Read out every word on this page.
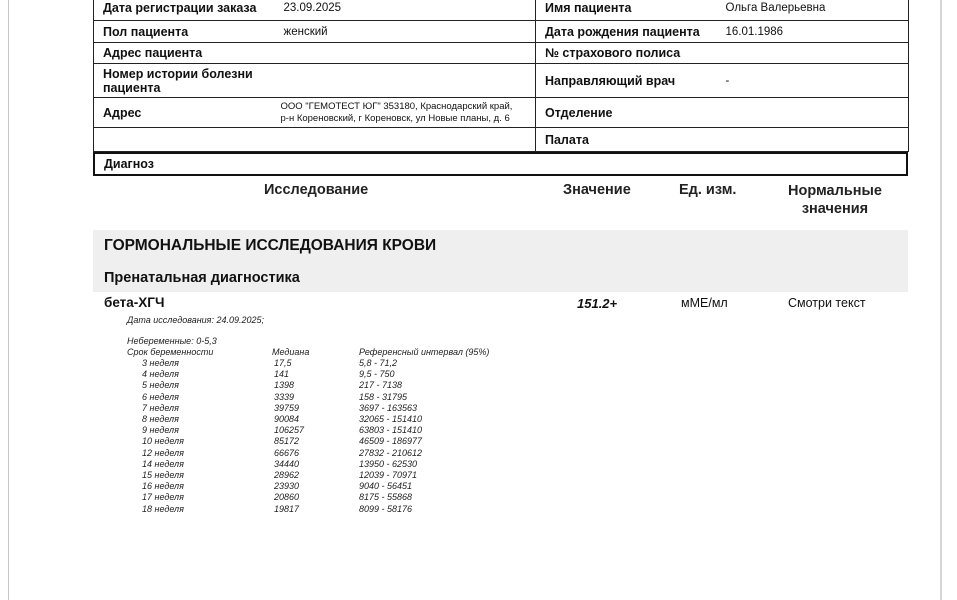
Дата регистрации заказа	23.09.2025	Имя пациента	Ольга Валерьевна
Пол пациента	женский	Дата рождения пациента	16.01.1986
Адрес пациента		№ страхового полиса	
Номер истории болезни пациента		Направляющий врач	-
Адрес	ООО "ГЕМОТЕСТ ЮГ" 353180, Краснодарский край,
р-н Кореновский, г Кореновск, ул Новые планы, д. 6	Отделение	
		Палата	
Диагноз
Исследование	Значение	Ед. изм.	Нормальные
значения
ГОРМОНАЛЬНЫЕ ИССЛЕДОВАНИЯ КРОВИ
Пренатальная диагностика
бета-ХГЧ	151.2+	мМЕ/мл	Смотри текст
Дата исследования: 24.09.2025;
Небеременные: 0-5,3
Срок беременности	Медиана	Референсный интервал (95%)
3 неделя	17,5	5,8 - 71,2
4 неделя	141	9,5 - 750
5 неделя	1398	217 - 7138
6 неделя	3339	158 - 31795
7 неделя	39759	3697 - 163563
8 неделя	90084	32065 - 151410
9 неделя	106257	63803 - 151410
10 неделя	85172	46509 - 186977
12 неделя	66676	27832 - 210612
14 неделя	34440	13950 - 62530
15 неделя	28962	12039 - 70971
16 неделя	23930	9040 - 56451
17 неделя	20860	8175 - 55868
18 неделя	19817	8099 - 58176
